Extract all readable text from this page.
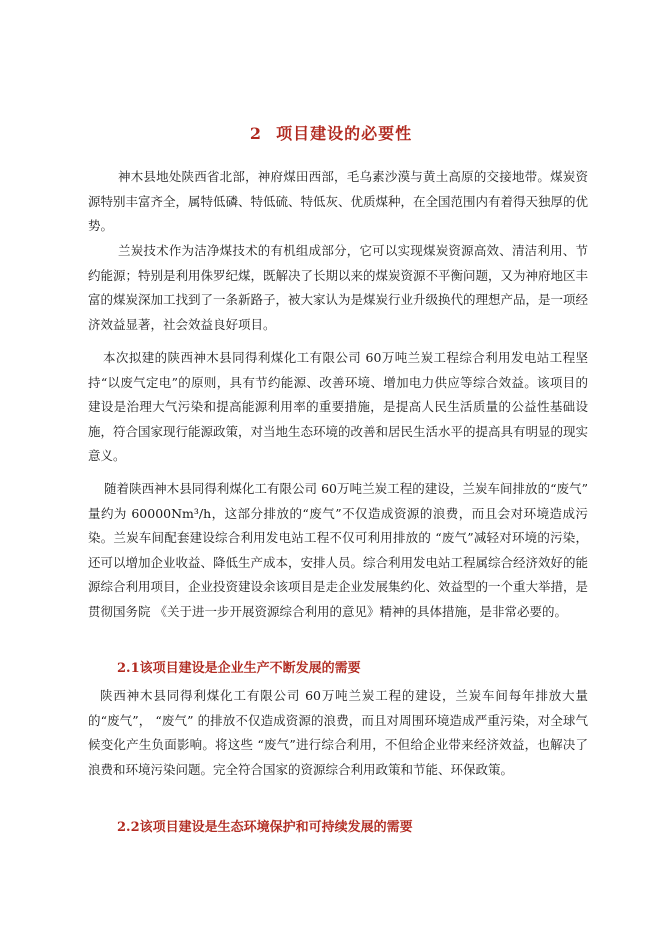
2 项目建设的必要性

神木县地处陕西省北部，神府煤田西部，毛乌素沙漠与黄土高原的交接地带。煤炭资源特别丰富齐全，属特低磷、特低硫、特低灰、优质煤种，在全国范围内有着得天独厚的优势。

兰炭技术作为洁净煤技术的有机组成部分，它可以实现煤炭资源高效、清洁利用、节约能源；特别是利用侏罗纪煤，既解决了长期以来的煤炭资源不平衡问题，又为神府地区丰富的煤炭深加工找到了一条新路子，被大家认为是煤炭行业升级换代的理想产品，是一项经济效益显著，社会效益良好项目。

本次拟建的陕西神木县同得利煤化工有限公司 60万吨兰炭工程综合利用发电站工程坚持“以废气定电”的原则，具有节约能源、改善环境、增加电力供应等综合效益。该项目的建设是治理大气污染和提高能源利用率的重要措施，是提高人民生活质量的公益性基础设施，符合国家现行能源政策，对当地生态环境的改善和居民生活水平的提高具有明显的现实意义。

随着陕西神木县同得利煤化工有限公司 60万吨兰炭工程的建设，兰炭车间排放的“废气” 量约为 60000Nm³/h，这部分排放的“废气”不仅造成资源的浪费，而且会对环境造成污染。兰炭车间配套建设综合利用发电站工程不仅可利用排放的 “废气”减轻对环境的污染，还可以增加企业收益、降低生产成本，安排人员。综合利用发电站工程属综合经济效好的能源综合利用项目，企业投资建设余该项目是走企业发展集约化、效益型的一个重大举措，是贯彻国务院 《关于进一步开展资源综合利用的意见》精神的具体措施，是非常必要的。

2.1该项目建设是企业生产不断发展的需要

陕西神木县同得利煤化工有限公司 60万吨兰炭工程的建设，兰炭车间每年排放大量的“废气”， “废气” 的排放不仅造成资源的浪费，而且对周围环境造成严重污染，对全球气候变化产生负面影响。将这些 “废气”进行综合利用，不但给企业带来经济效益，也解决了浪费和环境污染问题。完全符合国家的资源综合利用政策和节能、环保政策。

2.2该项目建设是生态环境保护和可持续发展的需要
